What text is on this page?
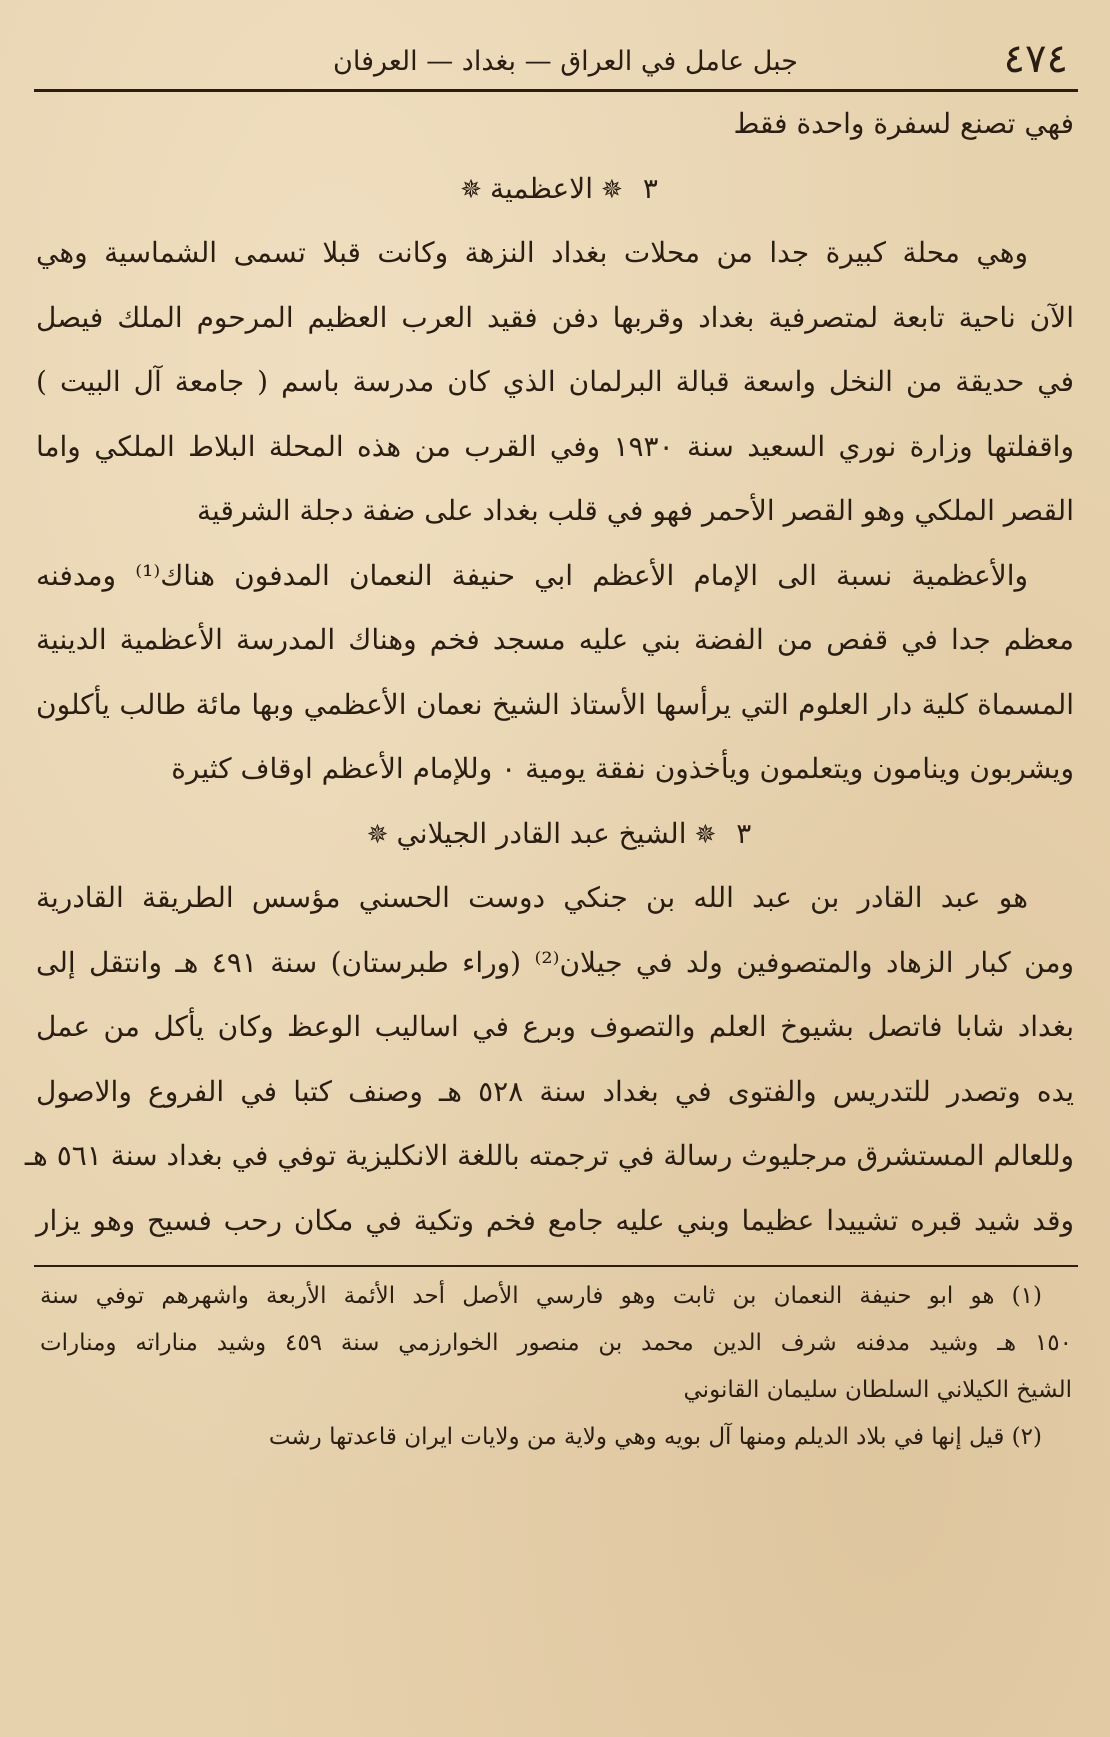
٤٧٤
جبل عامل في العراق — بغداد — العرفان
فهي تصنع لسفرة واحدة فقط
٣✵الاعظمية✵
وهي محلة كبيرة جدا من محلات بغداد النزهة وكانت قبلا تسمى الشماسية وهي
الآن ناحية تابعة لمتصرفية بغداد وقربها دفن فقيد العرب العظيم المرحوم الملك فيصل
في حديقة من النخل واسعة قبالة البرلمان الذي كان مدرسة باسم ( جامعة آل البيت )
واقفلتها وزارة نوري السعيد سنة ١٩٣٠ وفي القرب من هذه المحلة البلاط الملكي واما
القصر الملكي وهو القصر الأحمر فهو في قلب بغداد على ضفة دجلة الشرقية
والأعظمية نسبة الى الإمام الأعظم ابي حنيفة النعمان المدفون هناك⁽¹⁾ ومدفنه
معظم جدا في قفص من الفضة بني عليه مسجد فخم وهناك المدرسة الأعظمية الدينية
المسماة كلية دار العلوم التي يرأسها الأستاذ الشيخ نعمان الأعظمي وبها مائة طالب يأكلون
ويشربون وينامون ويتعلمون ويأخذون نفقة يومية ٠ وللإمام الأعظم اوقاف كثيرة
٣✵الشيخ عبد القادر الجيلاني✵
هو عبد القادر بن عبد الله بن جنكي دوست الحسني مؤسس الطريقة القادرية
ومن كبار الزهاد والمتصوفين ولد في جيلان⁽²⁾ (وراء طبرستان) سنة ٤٩١ هـ وانتقل إلى
بغداد شابا فاتصل بشيوخ العلم والتصوف وبرع في اساليب الوعظ وكان يأكل من عمل
يده وتصدر للتدريس والفتوى في بغداد سنة ٥٢٨ هـ وصنف كتبا في الفروع والاصول
وللعالم المستشرق مرجليوث رسالة في ترجمته باللغة الانكليزية توفي في بغداد سنة ٥٦١ هـ
وقد شيد قبره تشييدا عظيما وبني عليه جامع فخم وتكية في مكان رحب فسيح وهو يزار
(١) هو ابو حنيفة النعمان بن ثابت وهو فارسي الأصل أحد الأئمة الأربعة واشهرهم توفي سنة
١٥٠ هـ وشيد مدفنه شرف الدين محمد بن منصور الخوارزمي سنة ٤٥٩ وشيد مناراته ومنارات
الشيخ الكيلاني السلطان سليمان القانوني
(٢) قيل إنها في بلاد الديلم ومنها آل بويه وهي ولاية من ولايات ايران قاعدتها رشت
